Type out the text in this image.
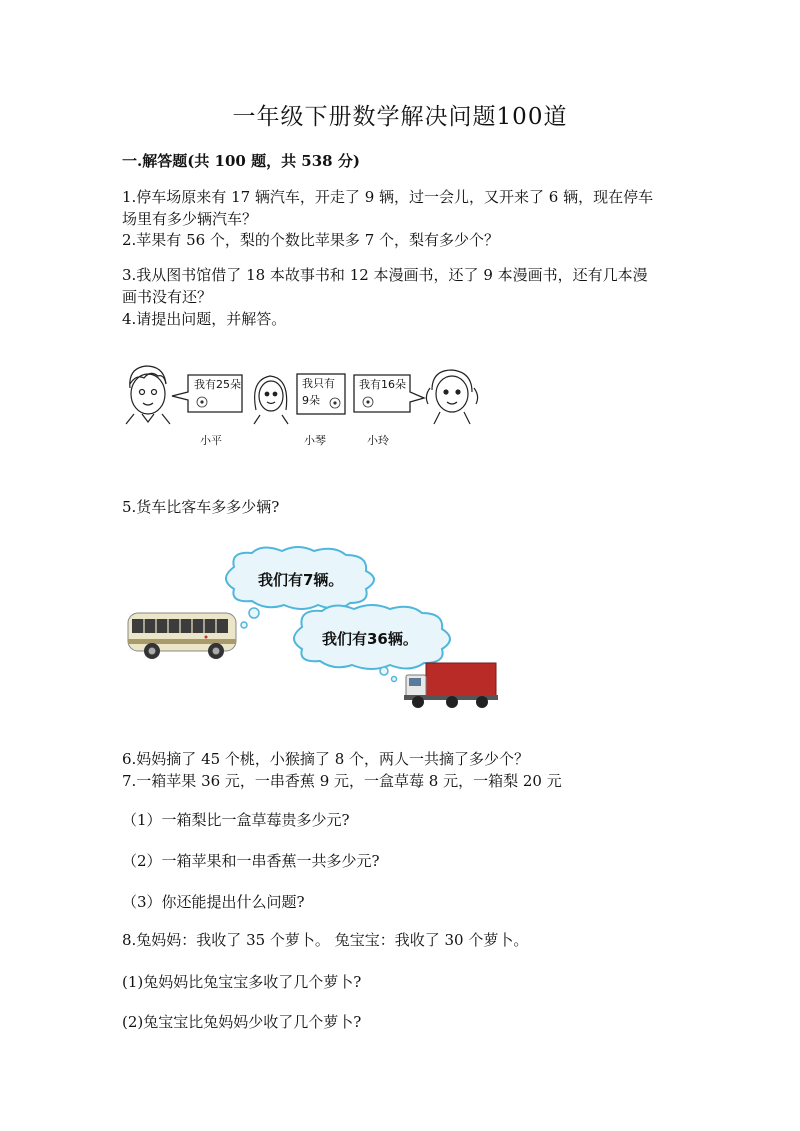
一年级下册数学解决问题100道
一.解答题(共 100 题，共 538 分)
1.停车场原来有 17 辆汽车，开走了 9 辆，过一会儿，又开来了 6 辆，现在停车
场里有多少辆汽车？
2.苹果有 56 个，梨的个数比苹果多 7 个，梨有多少个？
3.我从图书馆借了 18 本故事书和 12 本漫画书，还了 9 本漫画书，还有几本漫
画书没有还？
4.请提出问题，并解答。
我有25朵	我只有
9朵
我有16朵
小平	小琴	小玲
5.货车比客车多多少辆?
我们有7辆。
我们有36辆。
6.妈妈摘了 45 个桃，小猴摘了 8 个，两人一共摘了多少个？
7.一箱苹果 36 元，一串香蕉 9 元，一盒草莓 8 元，一箱梨 20 元
（1）一箱梨比一盒草莓贵多少元?
（2）一箱苹果和一串香蕉一共多少元?
（3）你还能提出什么问题?
8.兔妈妈：我收了 35 个萝卜。 兔宝宝：我收了 30 个萝卜。
(1)兔妈妈比兔宝宝多收了几个萝卜?
(2)兔宝宝比兔妈妈少收了几个萝卜?
